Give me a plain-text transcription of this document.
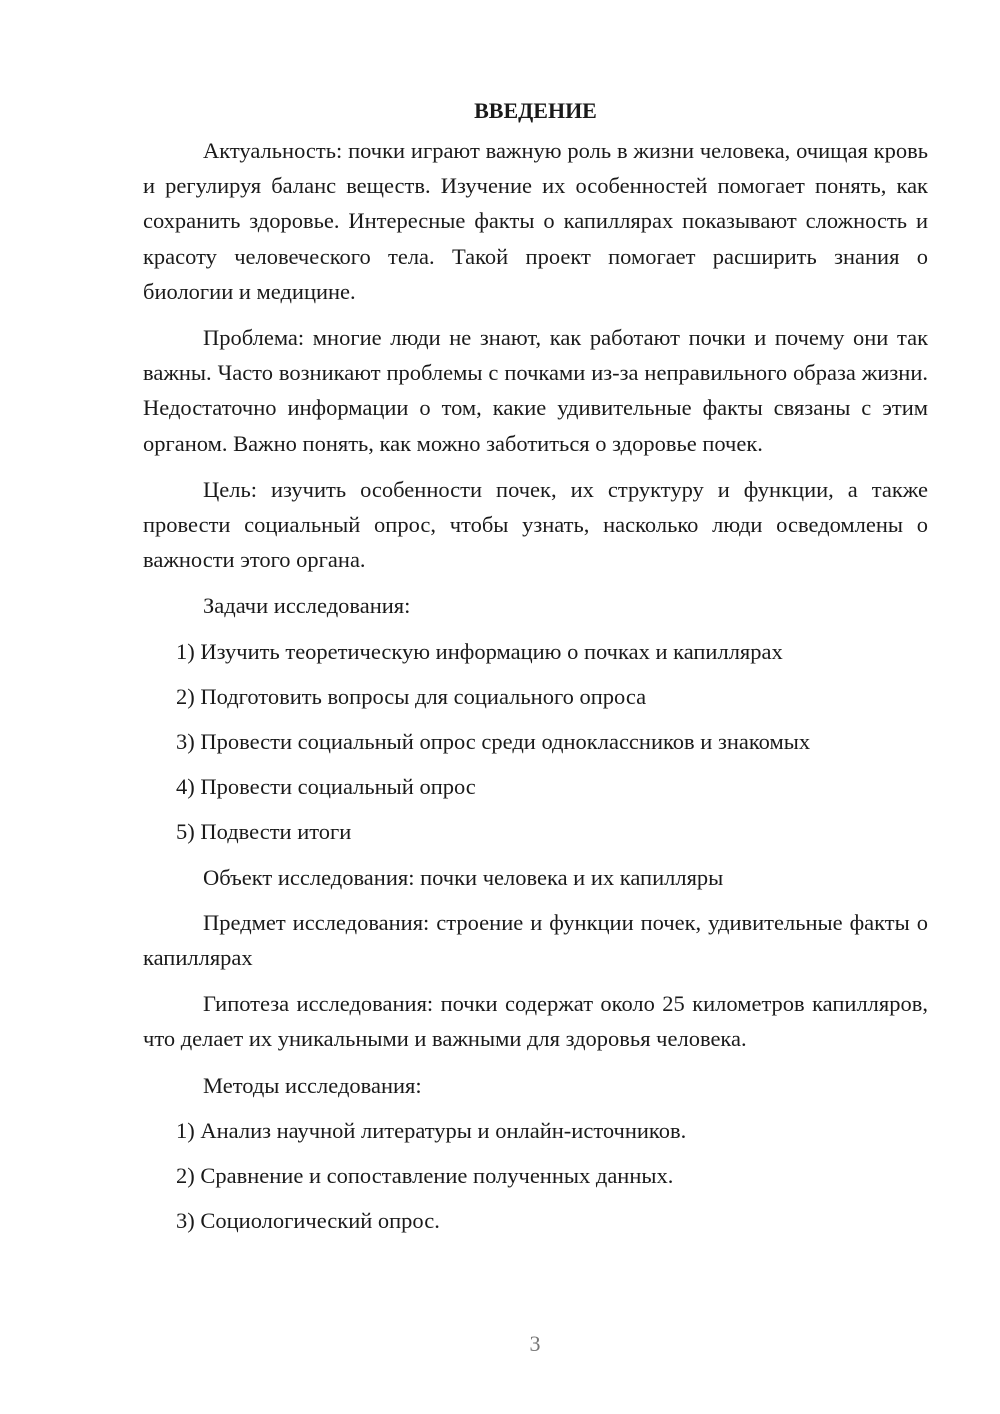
ВВЕДЕНИЕ

Актуальность: почки играют важную роль в жизни человека, очищая кровь и регулируя баланс веществ. Изучение их особенностей помогает понять, как сохранить здоровье. Интересные факты о капиллярах показывают сложность и красоту человеческого тела. Такой проект помогает расширить знания о биологии и медицине.

Проблема: многие люди не знают, как работают почки и почему они так важны. Часто возникают проблемы с почками из-за неправильного образа жизни. Недостаточно информации о том, какие удивительные факты связаны с этим органом. Важно понять, как можно заботиться о здоровье почек.

Цель: изучить особенности почек, их структуру и функции, а также провести социальный опрос, чтобы узнать, насколько люди осведомлены о важности этого органа.

Задачи исследования:

1) Изучить теоретическую информацию о почках и капиллярах
2) Подготовить вопросы для социального опроса
3) Провести социальный опрос среди одноклассников и знакомых
4) Провести социальный опрос
5) Подвести итоги

Объект исследования: почки человека и их капилляры

Предмет исследования: строение и функции почек, удивительные факты о капиллярах

Гипотеза исследования: почки содержат около 25 километров капилляров, что делает их уникальными и важными для здоровья человека.

Методы исследования:

1) Анализ научной литературы и онлайн-источников.
2) Сравнение и сопоставление полученных данных.
3) Социологический опрос.
3
